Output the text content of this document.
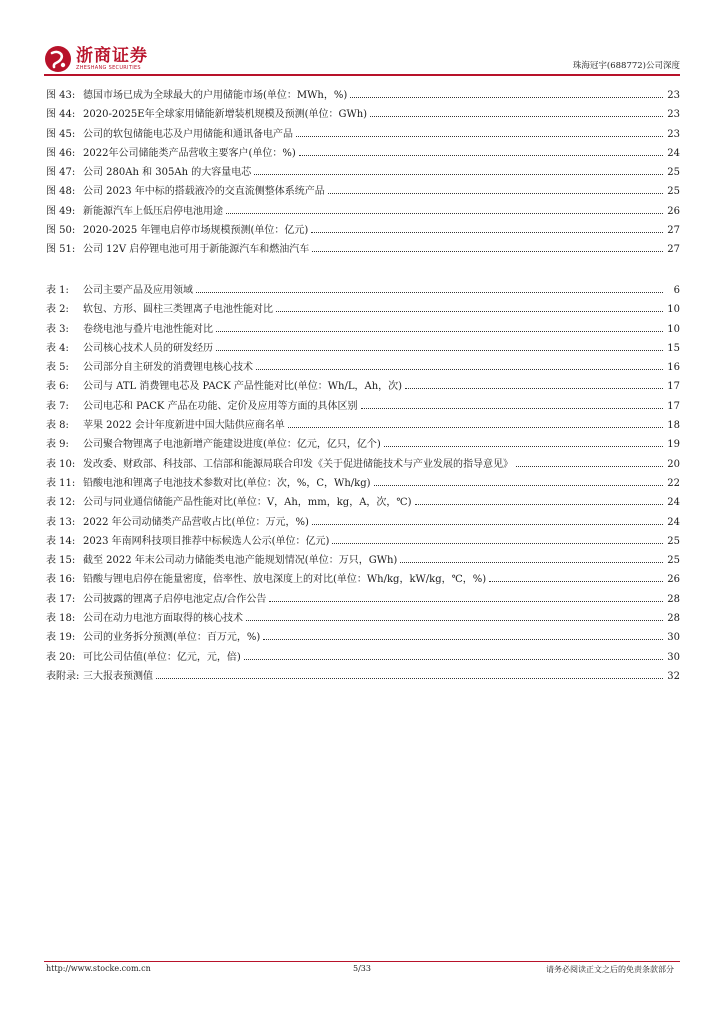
浙商证券
ZHESHANG SECURITIES	珠海冠宇(688772)公司深度
图 43: 德国市场已成为全球最大的户用储能市场(单位：MWh，%)	23
图 44: 2020-2025E年全球家用储能新增装机规模及预测(单位：GWh)	23
图 45: 公司的软包储能电芯及户用储能和通讯备电产品	23
图 46: 2022年公司储能类产品营收主要客户(单位：%)	24
图 47: 公司 280Ah 和 305Ah 的大容量电芯	25
图 48: 公司 2023 年中标的搭载液冷的交直流侧整体系统产品	25
图 49: 新能源汽车上低压启停电池用途	26
图 50: 2020-2025 年锂电启停市场规模预测(单位：亿元)	27
图 51: 公司 12V 启停锂电池可用于新能源汽车和燃油汽车	27
表 1:	公司主要产品及应用领域	6
表 2:	软包、方形、圆柱三类锂离子电池性能对比	10
表 3:	卷绕电池与叠片电池性能对比	10
表 4:	公司核心技术人员的研发经历	15
表 5:	公司部分自主研发的消费锂电核心技术	16
表 6:	公司与 ATL 消费锂电芯及 PACK 产品性能对比(单位：Wh/L，Ah，次)	17
表 7:	公司电芯和 PACK 产品在功能、定价及应用等方面的具体区别	17
表 8:	苹果 2022 会计年度新进中国大陆供应商名单	18
表 9:	公司聚合物锂离子电池新增产能建设进度(单位：亿元，亿只，亿个)	19
表 10: 发改委、财政部、科技部、工信部和能源局联合印发《关于促进储能技术与产业发展的指导意见》	20
表 11: 铅酸电池和锂离子电池技术参数对比(单位：次，%，C，Wh/kg)	22
表 12: 公司与同业通信储能产品性能对比(单位：V，Ah，mm，kg，A，次，℃)	24
表 13: 2022 年公司动储类产品营收占比(单位：万元，%)	24
表 14: 2023 年南网科技项目推荐中标候选人公示(单位：亿元)	25
表 15: 截至 2022 年末公司动力储能类电池产能规划情况(单位：万只，GWh)	25
表 16: 铅酸与锂电启停在能量密度，倍率性、放电深度上的对比(单位：Wh/kg，kW/kg，℃，%)	26
表 17: 公司披露的锂离子启停电池定点/合作公告	28
表 18: 公司在动力电池方面取得的核心技术	28
表 19: 公司的业务拆分预测(单位：百万元，%)	30
表 20: 可比公司估值(单位：亿元，元，倍)	30
表附录: 三大报表预测值	32
http://www.stocke.com.cn	5/33	请务必阅读正文之后的免责条款部分
